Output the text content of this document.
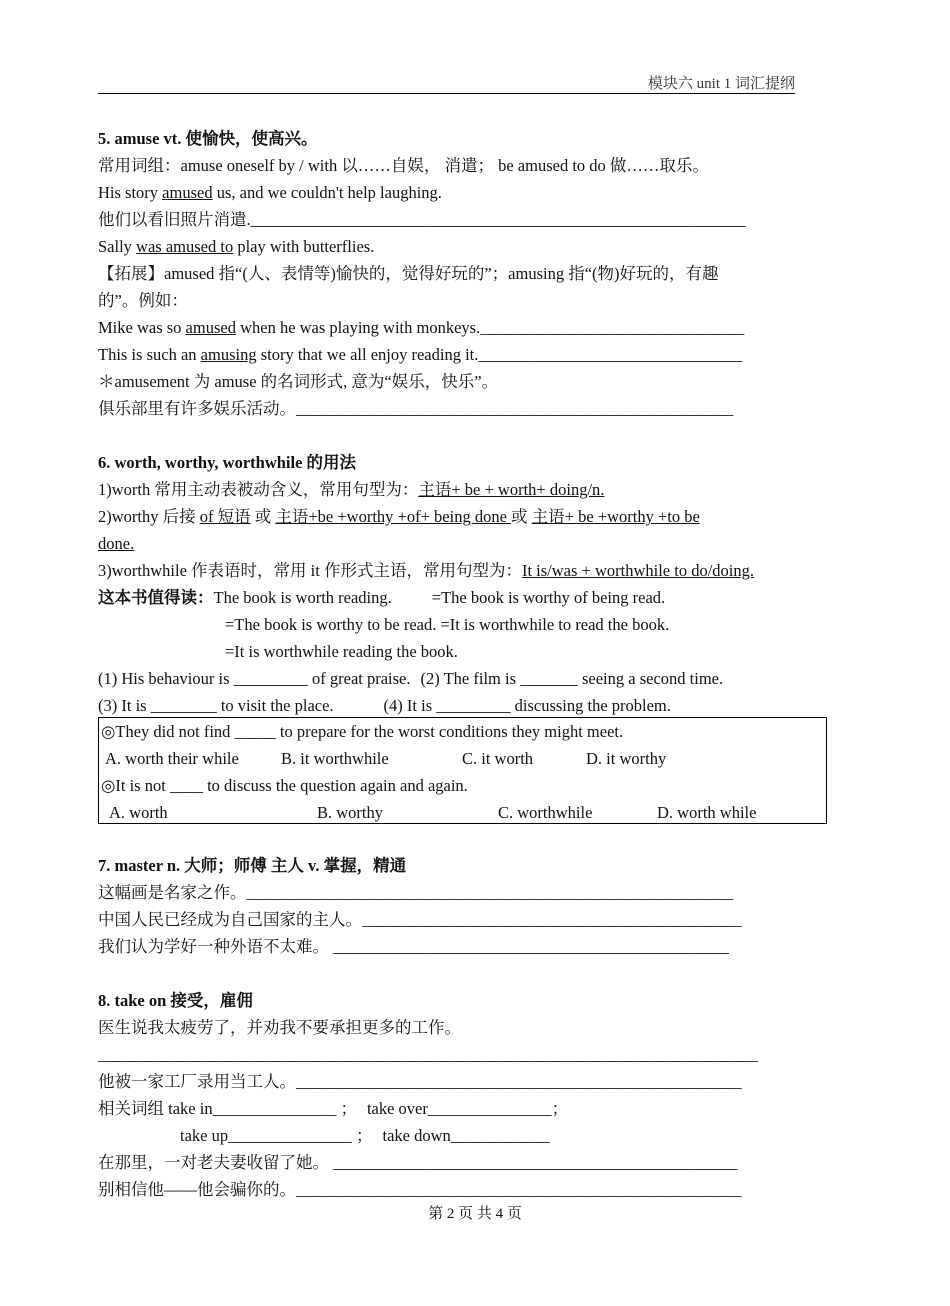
模块六 unit 1 词汇提纲
5. amuse vt. 使愉快，使高兴。
常用词组：amuse oneself by / with 以……自娱， 消遣； be amused to do 做……取乐。
His story amused us, and we couldn't help laughing.
他们以看旧照片消遣.____________________________________________________________
Sally was amused to play with butterflies.
【拓展】amused 指“(人、表情等)愉快的，觉得好玩的”；amusing 指“(物)好玩的，有趣
的”。例如：
Mike was so amused when he was playing with monkeys.________________________________
This is such an amusing story that we all enjoy reading it.________________________________
＊amusement 为 amuse 的名词形式, 意为“娱乐，快乐”。
俱乐部里有许多娱乐活动。_____________________________________________________
6. worth, worthy, worthwhile 的用法
1)worth 常用主动表被动含义，常用句型为：主语+ be + worth+ doing/n.
2)worthy 后接 of 短语 或 主语+be +worthy +of+ being done 或 主语+ be +worthy +to be
done.
3)worthwhile 作表语时，常用 it 作形式主语，常用句型为：It is/was + worthwhile to do/doing.
这本书值得读：The book is worth reading. =The book is worthy of being read.
=The book is worthy to be read. =It is worthwhile to read the book.
=It is worthwhile reading the book.
(1) His behaviour is _________ of great praise. (2) The film is _______ seeing a second time.
(3) It is ________ to visit the place.	(4) It is _________ discussing the problem.
◎They did not find _____ to prepare for the worst conditions they might meet.
A. worth their while	B. it worthwhile	C. it worth	D. it worthy
◎It is not ____ to discuss the question again and again.
A. worth	B. worthy	C. worthwhile	D. worth while
7. master n. 大师；师傅 主人 v. 掌握，精通
这幅画是名家之作。___________________________________________________________
中国人民已经成为自己国家的主人。______________________________________________
我们认为学好一种外语不太难。 ________________________________________________
8. take on 接受，雇佣
医生说我太疲劳了，并劝我不要承担更多的工作。
________________________________________________________________________________
他被一家工厂录用当工人。______________________________________________________
相关词组 take in_______________ ； take over_______________；
take up_______________ ； take down____________
在那里，一对老夫妻收留了她。 _________________________________________________
别相信他——他会骗你的。______________________________________________________
第 2 页 共 4 页
